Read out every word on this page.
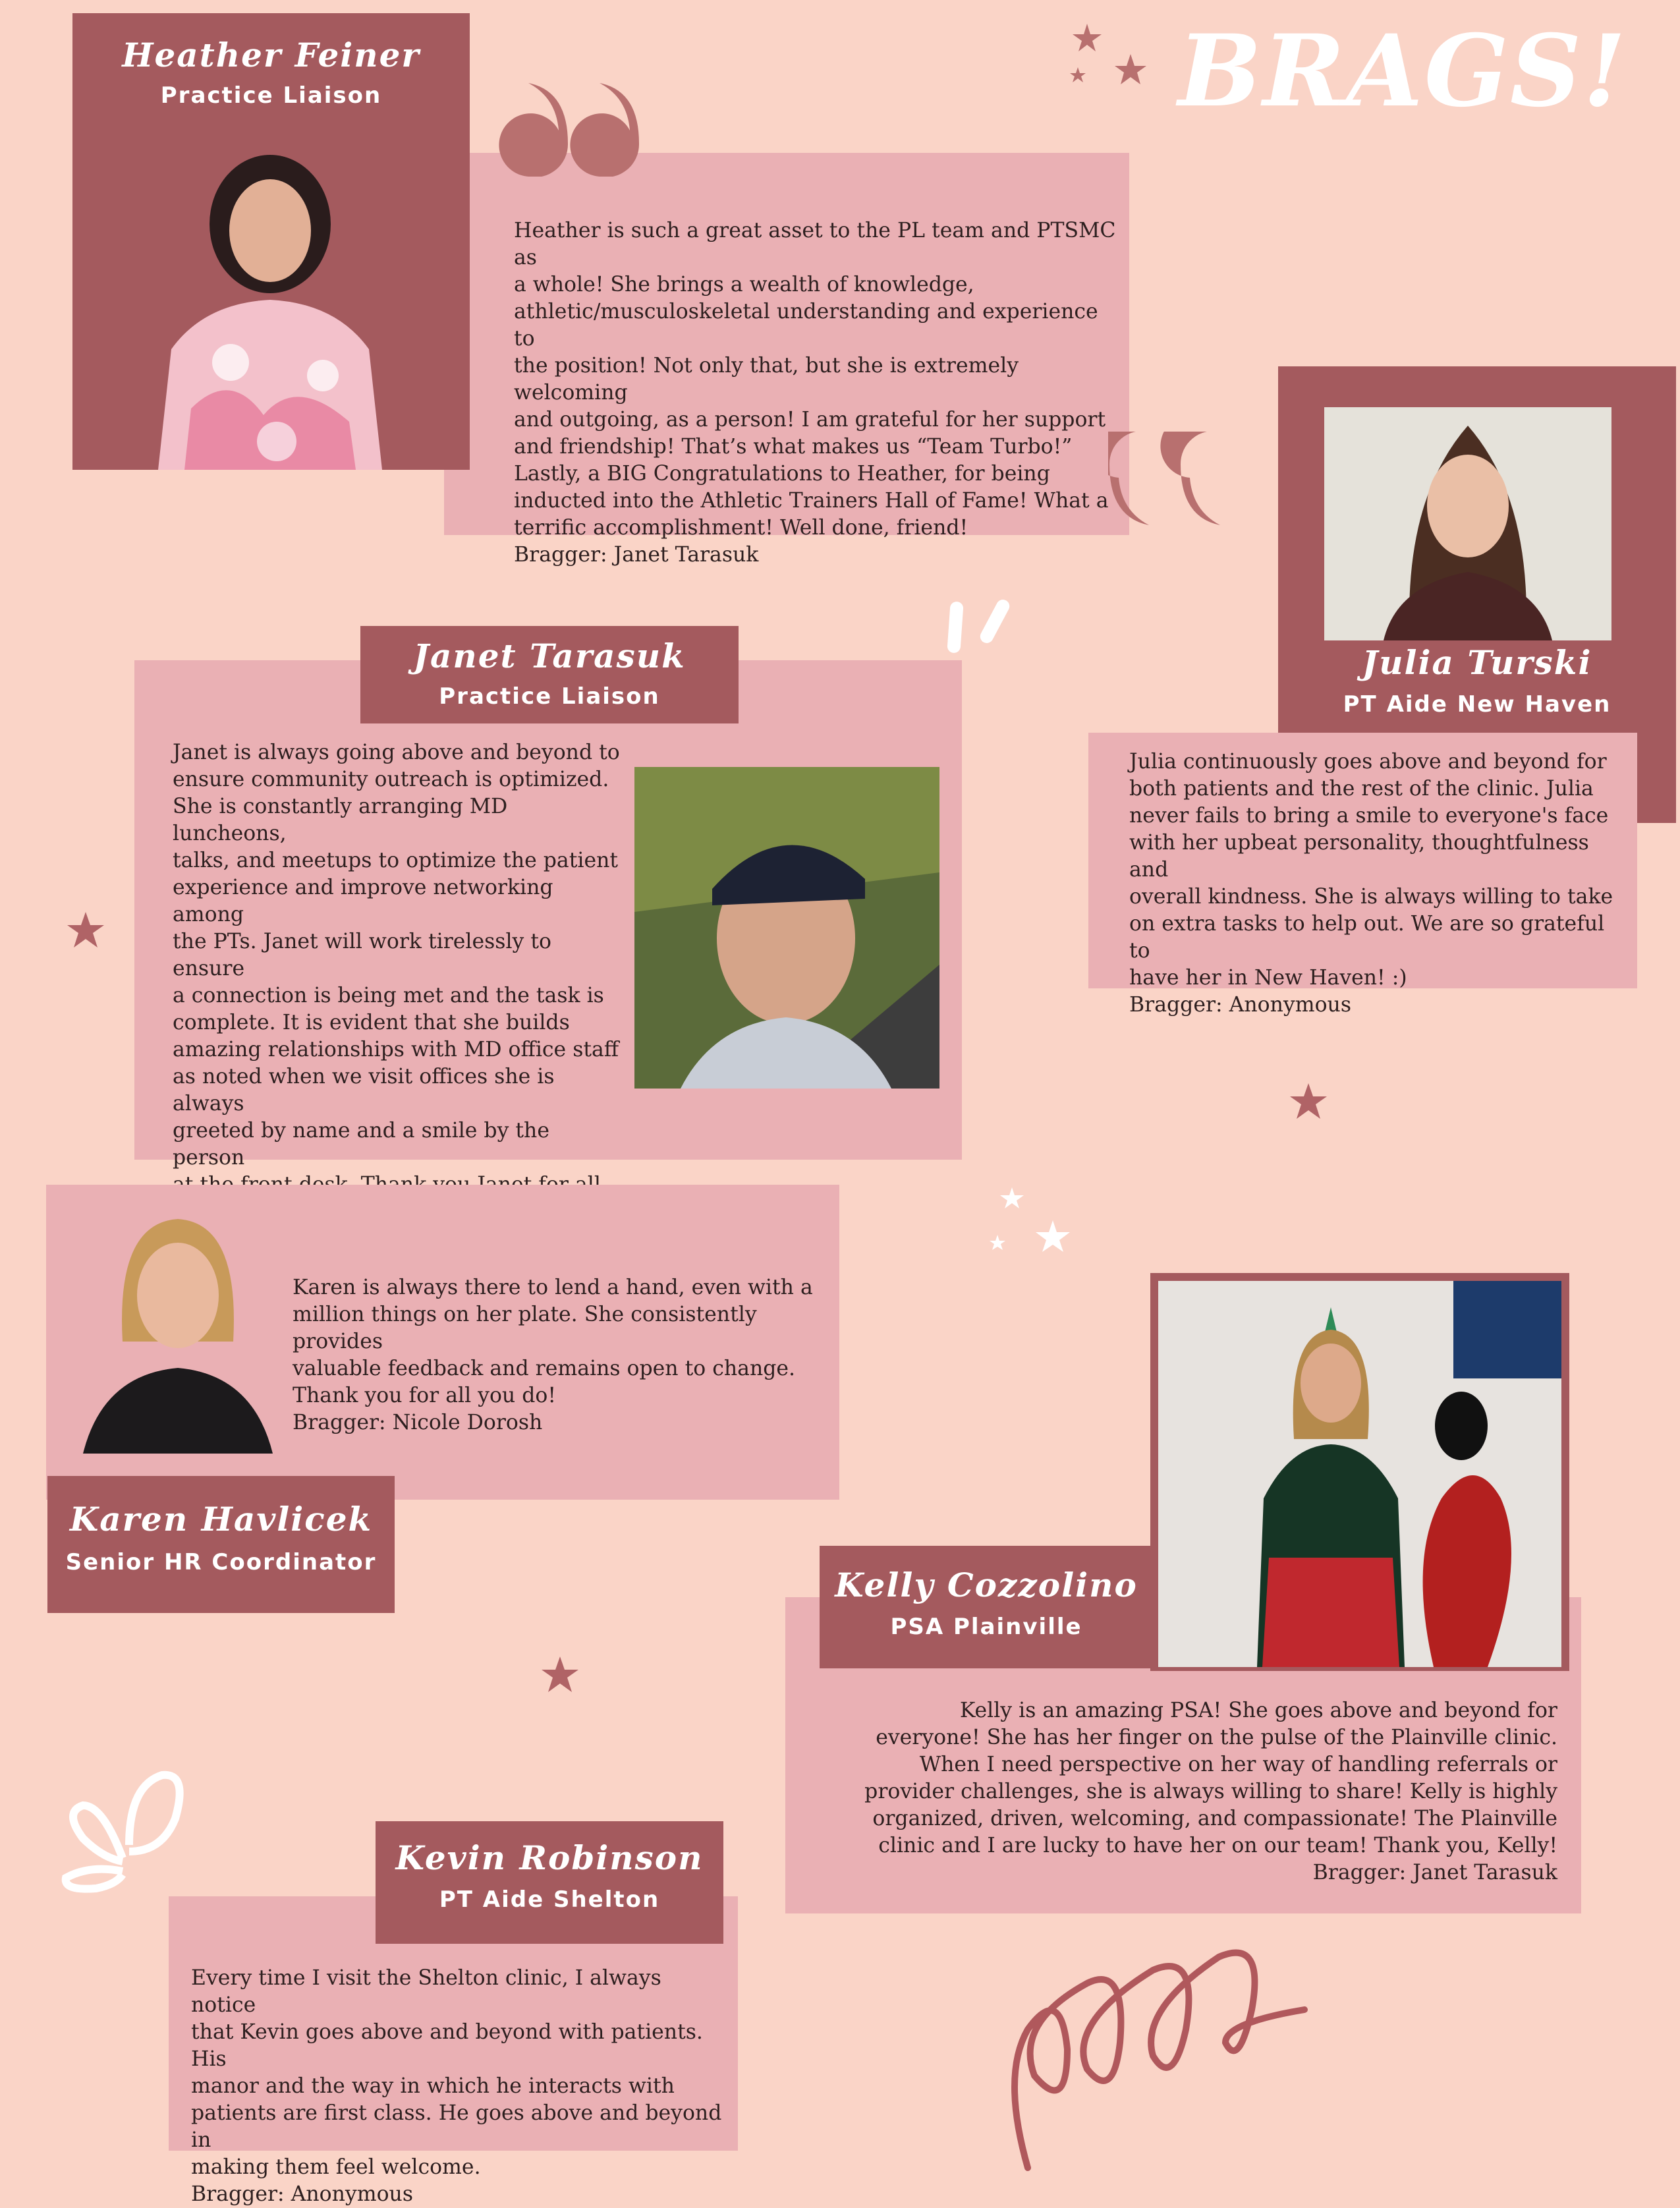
BRAGS!
Heather Feiner
Practice Liaison
Heather is such a great asset to the PL team and PTSMC as
a whole! She brings a wealth of knowledge,
athletic/musculoskeletal understanding and experience to
the position! Not only that, but she is extremely welcoming
and outgoing, as a person! I am grateful for her support
and friendship! That’s what makes us “Team Turbo!”
Lastly, a BIG Congratulations to Heather, for being
inducted into the Athletic Trainers Hall of Fame! What a
terrific accomplishment! Well done, friend!
Bragger: Janet Tarasuk
Julia Turski
PT Aide New Haven
Julia continuously goes above and beyond for
both patients and the rest of the clinic. Julia
never fails to bring a smile to everyone's face
with her upbeat personality, thoughtfulness and
overall kindness. She is always willing to take
on extra tasks to help out. We are so grateful to
have her in New Haven! :)
Bragger: Anonymous
Janet Tarasuk
Practice Liaison
Janet is always going above and beyond to
ensure community outreach is optimized.
She is constantly arranging MD luncheons,
talks, and meetups to optimize the patient
experience and improve networking among
the PTs. Janet will work tirelessly to ensure
a connection is being met and the task is
complete. It is evident that she builds
amazing relationships with MD office staff
as noted when we visit offices she is always
greeted by name and a smile by the person

Karen is always there to lend a hand, even with a
million things on her plate. She consistently provides
valuable feedback and remains open to change.
Thank you for all you do!
Bragger: Nicole Dorosh
Karen Havlicek
Senior HR Coordinator
Kelly Cozzolino
PSA Plainville
Kelly is an amazing PSA! She goes above and beyond for
everyone! She has her finger on the pulse of the Plainville clinic.
When I need perspective on her way of handling referrals or
provider challenges, she is always willing to share! Kelly is highly
organized, driven, welcoming, and compassionate! The Plainville
clinic and I are lucky to have her on our team! Thank you, Kelly!
Bragger: Janet Tarasuk
Kevin Robinson
PT Aide Shelton
Every time I visit the Shelton clinic, I always notice
that Kevin goes above and beyond with patients. His
manor and the way in which he interacts with
patients are first class. He goes above and beyond in
making them feel welcome.
Bragger: Anonymous
